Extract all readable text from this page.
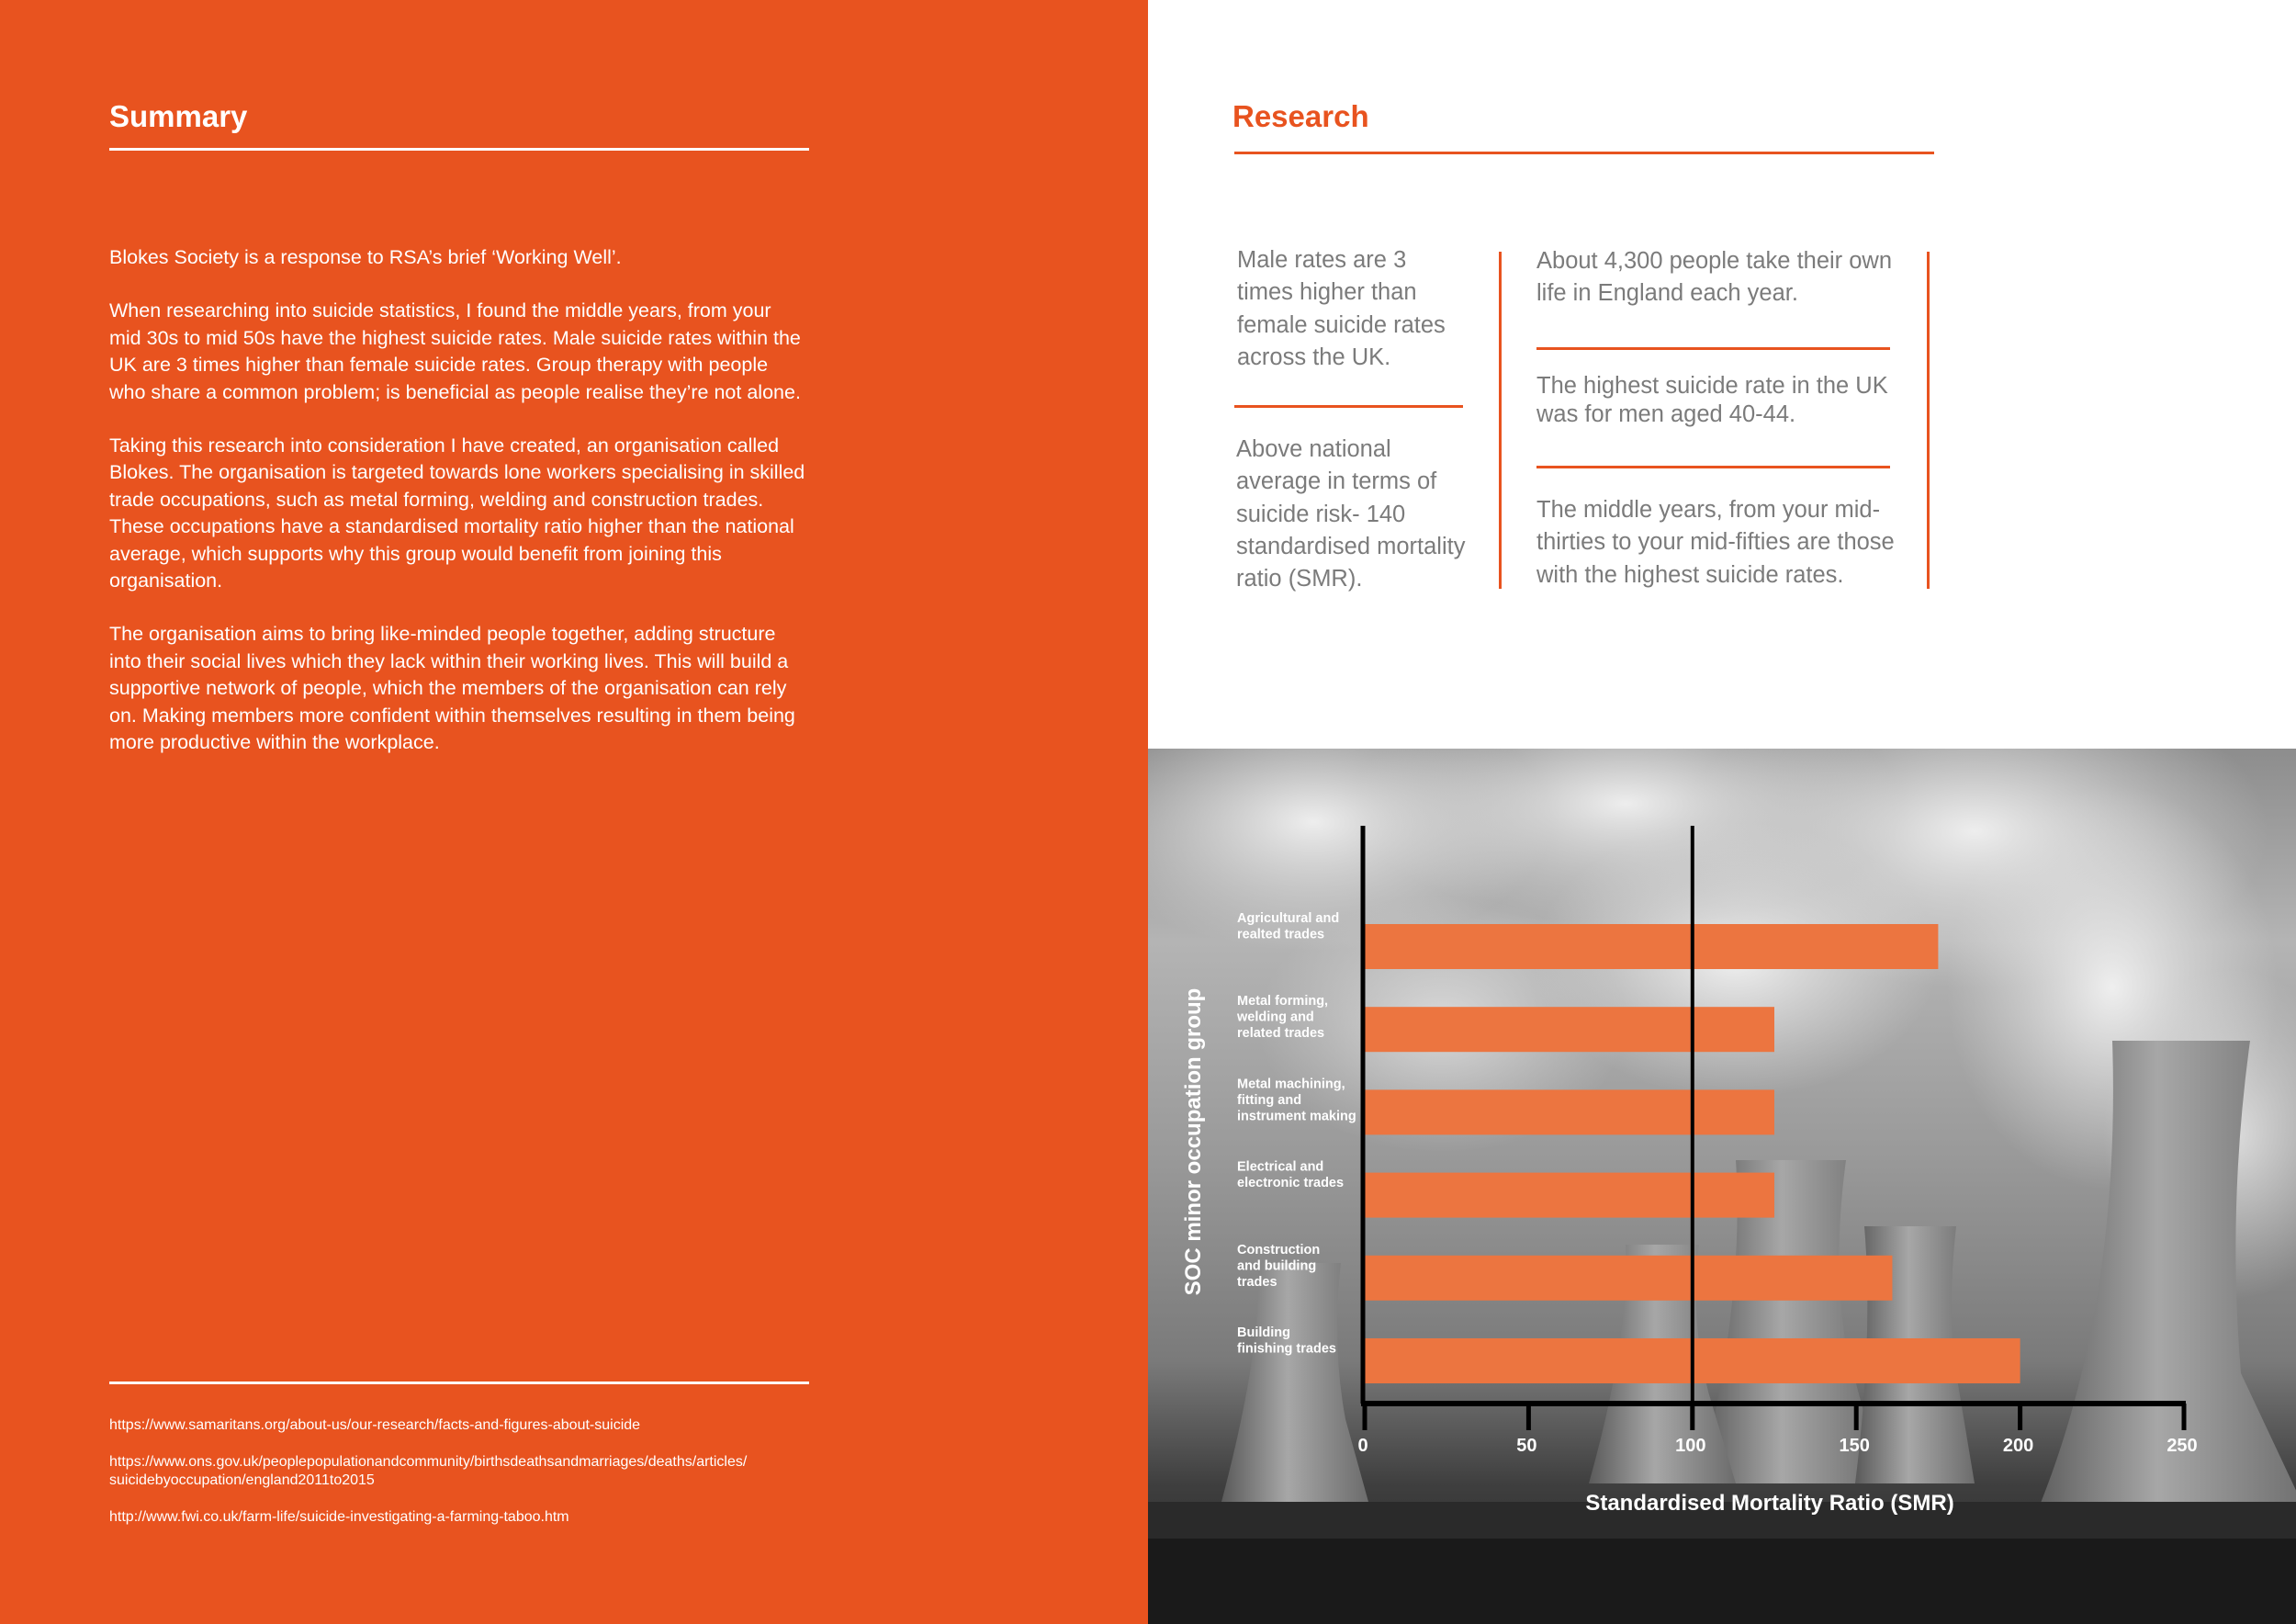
Summary

Blokes Society is a response to RSA’s brief ‘Working Well’.

When researching into suicide statistics, I found the middle years, from your mid 30s to mid 50s have the highest suicide rates. Male suicide rates within the UK are 3 times higher than female suicide rates. Group therapy with people who share a common problem; is beneficial as people realise they’re not alone.

Taking this research into consideration I have created, an organisation called Blokes. The organisation is targeted towards lone workers specialising in skilled trade occupations, such as metal forming, welding and construction trades. These occupations have a standardised mortality ratio higher than the national average, which supports why this group would benefit from joining this organisation.

The organisation aims to bring like-minded people together, adding structure into their social lives which they lack within their working lives. This will build a supportive network of people, which the members of the organisation can rely on. Making members more confident within themselves resulting in them being more productive within the workplace.

https://www.samaritans.org/about-us/our-research/facts-and-figures-about-suicide
https://www.ons.gov.uk/peoplepopulationandcommunity/birthsdeathsandmarriages/deaths/articles/
suicidebyoccupation/england2011to2015
http://www.fwi.co.uk/farm-life/suicide-investigating-a-farming-taboo.htm
Research
Male rates are 3 times higher than female suicide rates across the UK.
Above national average in terms of suicide risk- 140 standardised mortality ratio (SMR).
About 4,300 people take their own life in England each year.
The highest suicide rate in the UK was for men aged 40-44.
The middle years, from your mid-thirties to your mid-fifties are those with the highest suicide rates.
Agricultural and realted trades
Metal forming, welding and related trades
Metal machining, fitting and instrument making
Electrical and electronic trades
Construction and building trades
Building finishing trades
0	50	100	150	200	250
Standardised Mortality Ratio (SMR)
SOC minor occupation group
